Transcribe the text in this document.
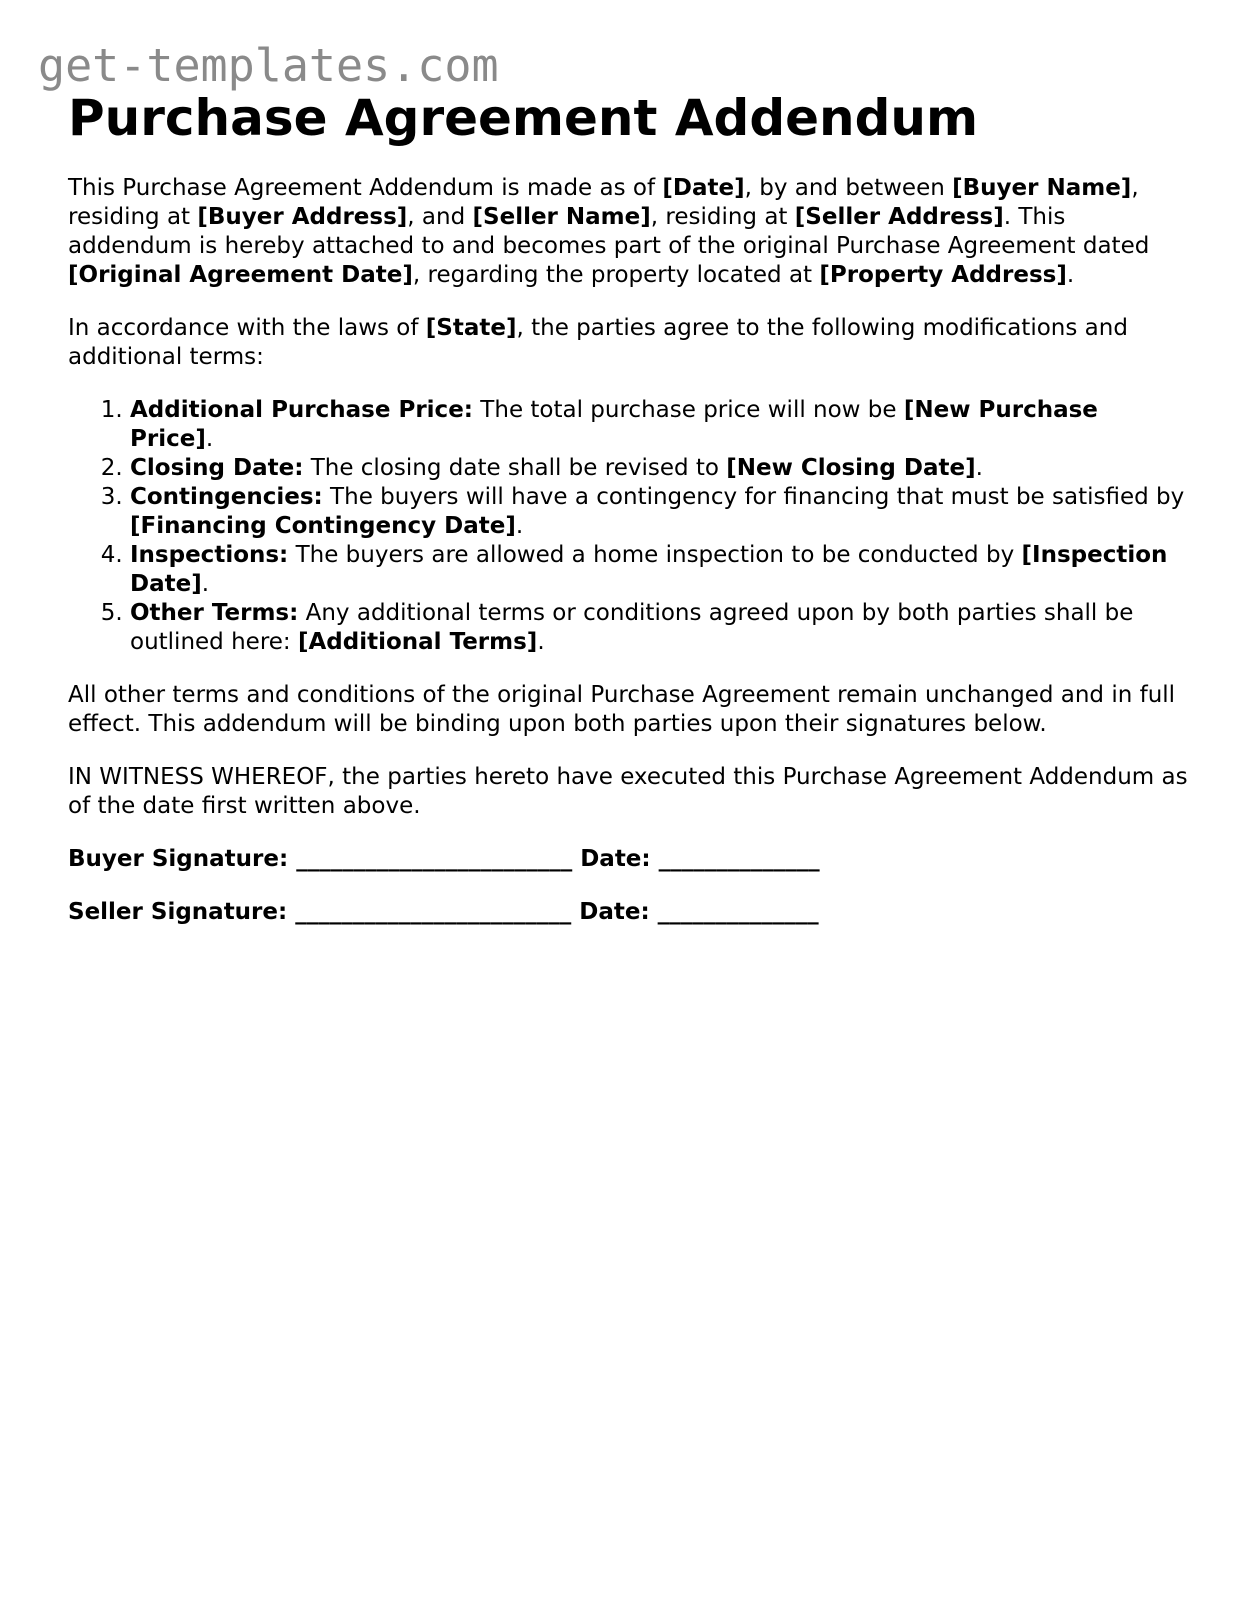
get-templates.com
Purchase Agreement Addendum

This Purchase Agreement Addendum is made as of [Date], by and between [Buyer Name], residing at [Buyer Address], and [Seller Name], residing at [Seller Address]. This addendum is hereby attached to and becomes part of the original Purchase Agreement dated [Original Agreement Date], regarding the property located at [Property Address].

In accordance with the laws of [State], the parties agree to the following modifications and additional terms:

1. Additional Purchase Price: The total purchase price will now be [New Purchase Price].
2. Closing Date: The closing date shall be revised to [New Closing Date].
3. Contingencies: The buyers will have a contingency for financing that must be satisfied by [Financing Contingency Date].
4. Inspections: The buyers are allowed a home inspection to be conducted by [Inspection Date].
5. Other Terms: Any additional terms or conditions agreed upon by both parties shall be outlined here: [Additional Terms].

All other terms and conditions of the original Purchase Agreement remain unchanged and in full effect. This addendum will be binding upon both parties upon their signatures below.

IN WITNESS WHEREOF, the parties hereto have executed this Purchase Agreement Addendum as of the date first written above.

Buyer Signature: ________________________ Date: ______________
Seller Signature: ________________________ Date: ______________
